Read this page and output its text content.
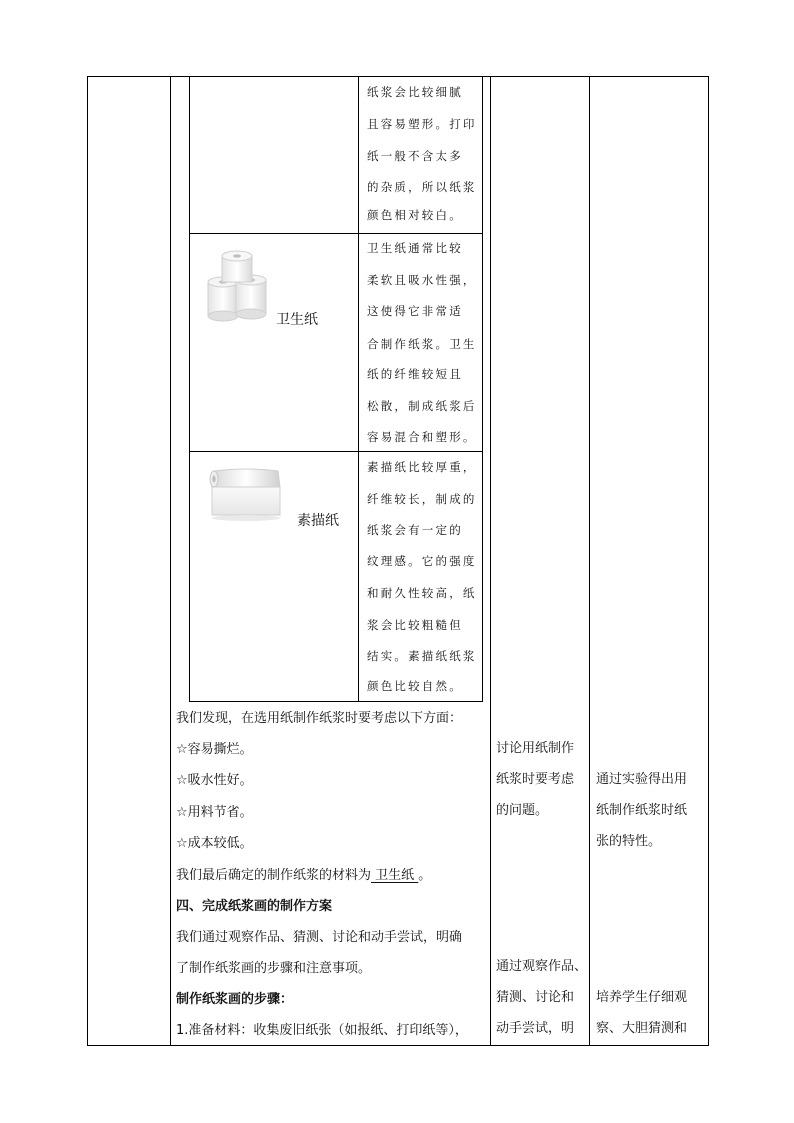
纸浆会比较细腻
且容易塑形。打印
纸一般不含太多
的杂质，所以纸浆
颜色相对较白。
卫生纸
卫生纸通常比较
柔软且吸水性强，
这使得它非常适
合制作纸浆。卫生
纸的纤维较短且
松散，制成纸浆后
容易混合和塑形。
素描纸
素描纸比较厚重，
纤维较长，制成的
纸浆会有一定的
纹理感。它的强度
和耐久性较高，纸
浆会比较粗糙但
结实。素描纸纸浆
颜色比较自然。
我们发现，在选用纸制作纸浆时要考虑以下方面：
☆容易撕烂。
☆吸水性好。
☆用料节省。
☆成本较低。
我们最后确定的制作纸浆的材料为 卫生纸 。
四、完成纸浆画的制作方案
我们通过观察作品、猜测、讨论和动手尝试，明确
了制作纸浆画的步骤和注意事项。
制作纸浆画的步骤：
1.准备材料：收集废旧纸张（如报纸、打印纸等），
讨论用纸制作
纸浆时要考虑
的问题。
通过观察作品、
猜测、讨论和
动手尝试，明
通过实验得出用
纸制作纸浆时纸
张的特性。
培养学生仔细观
察、大胆猜测和
